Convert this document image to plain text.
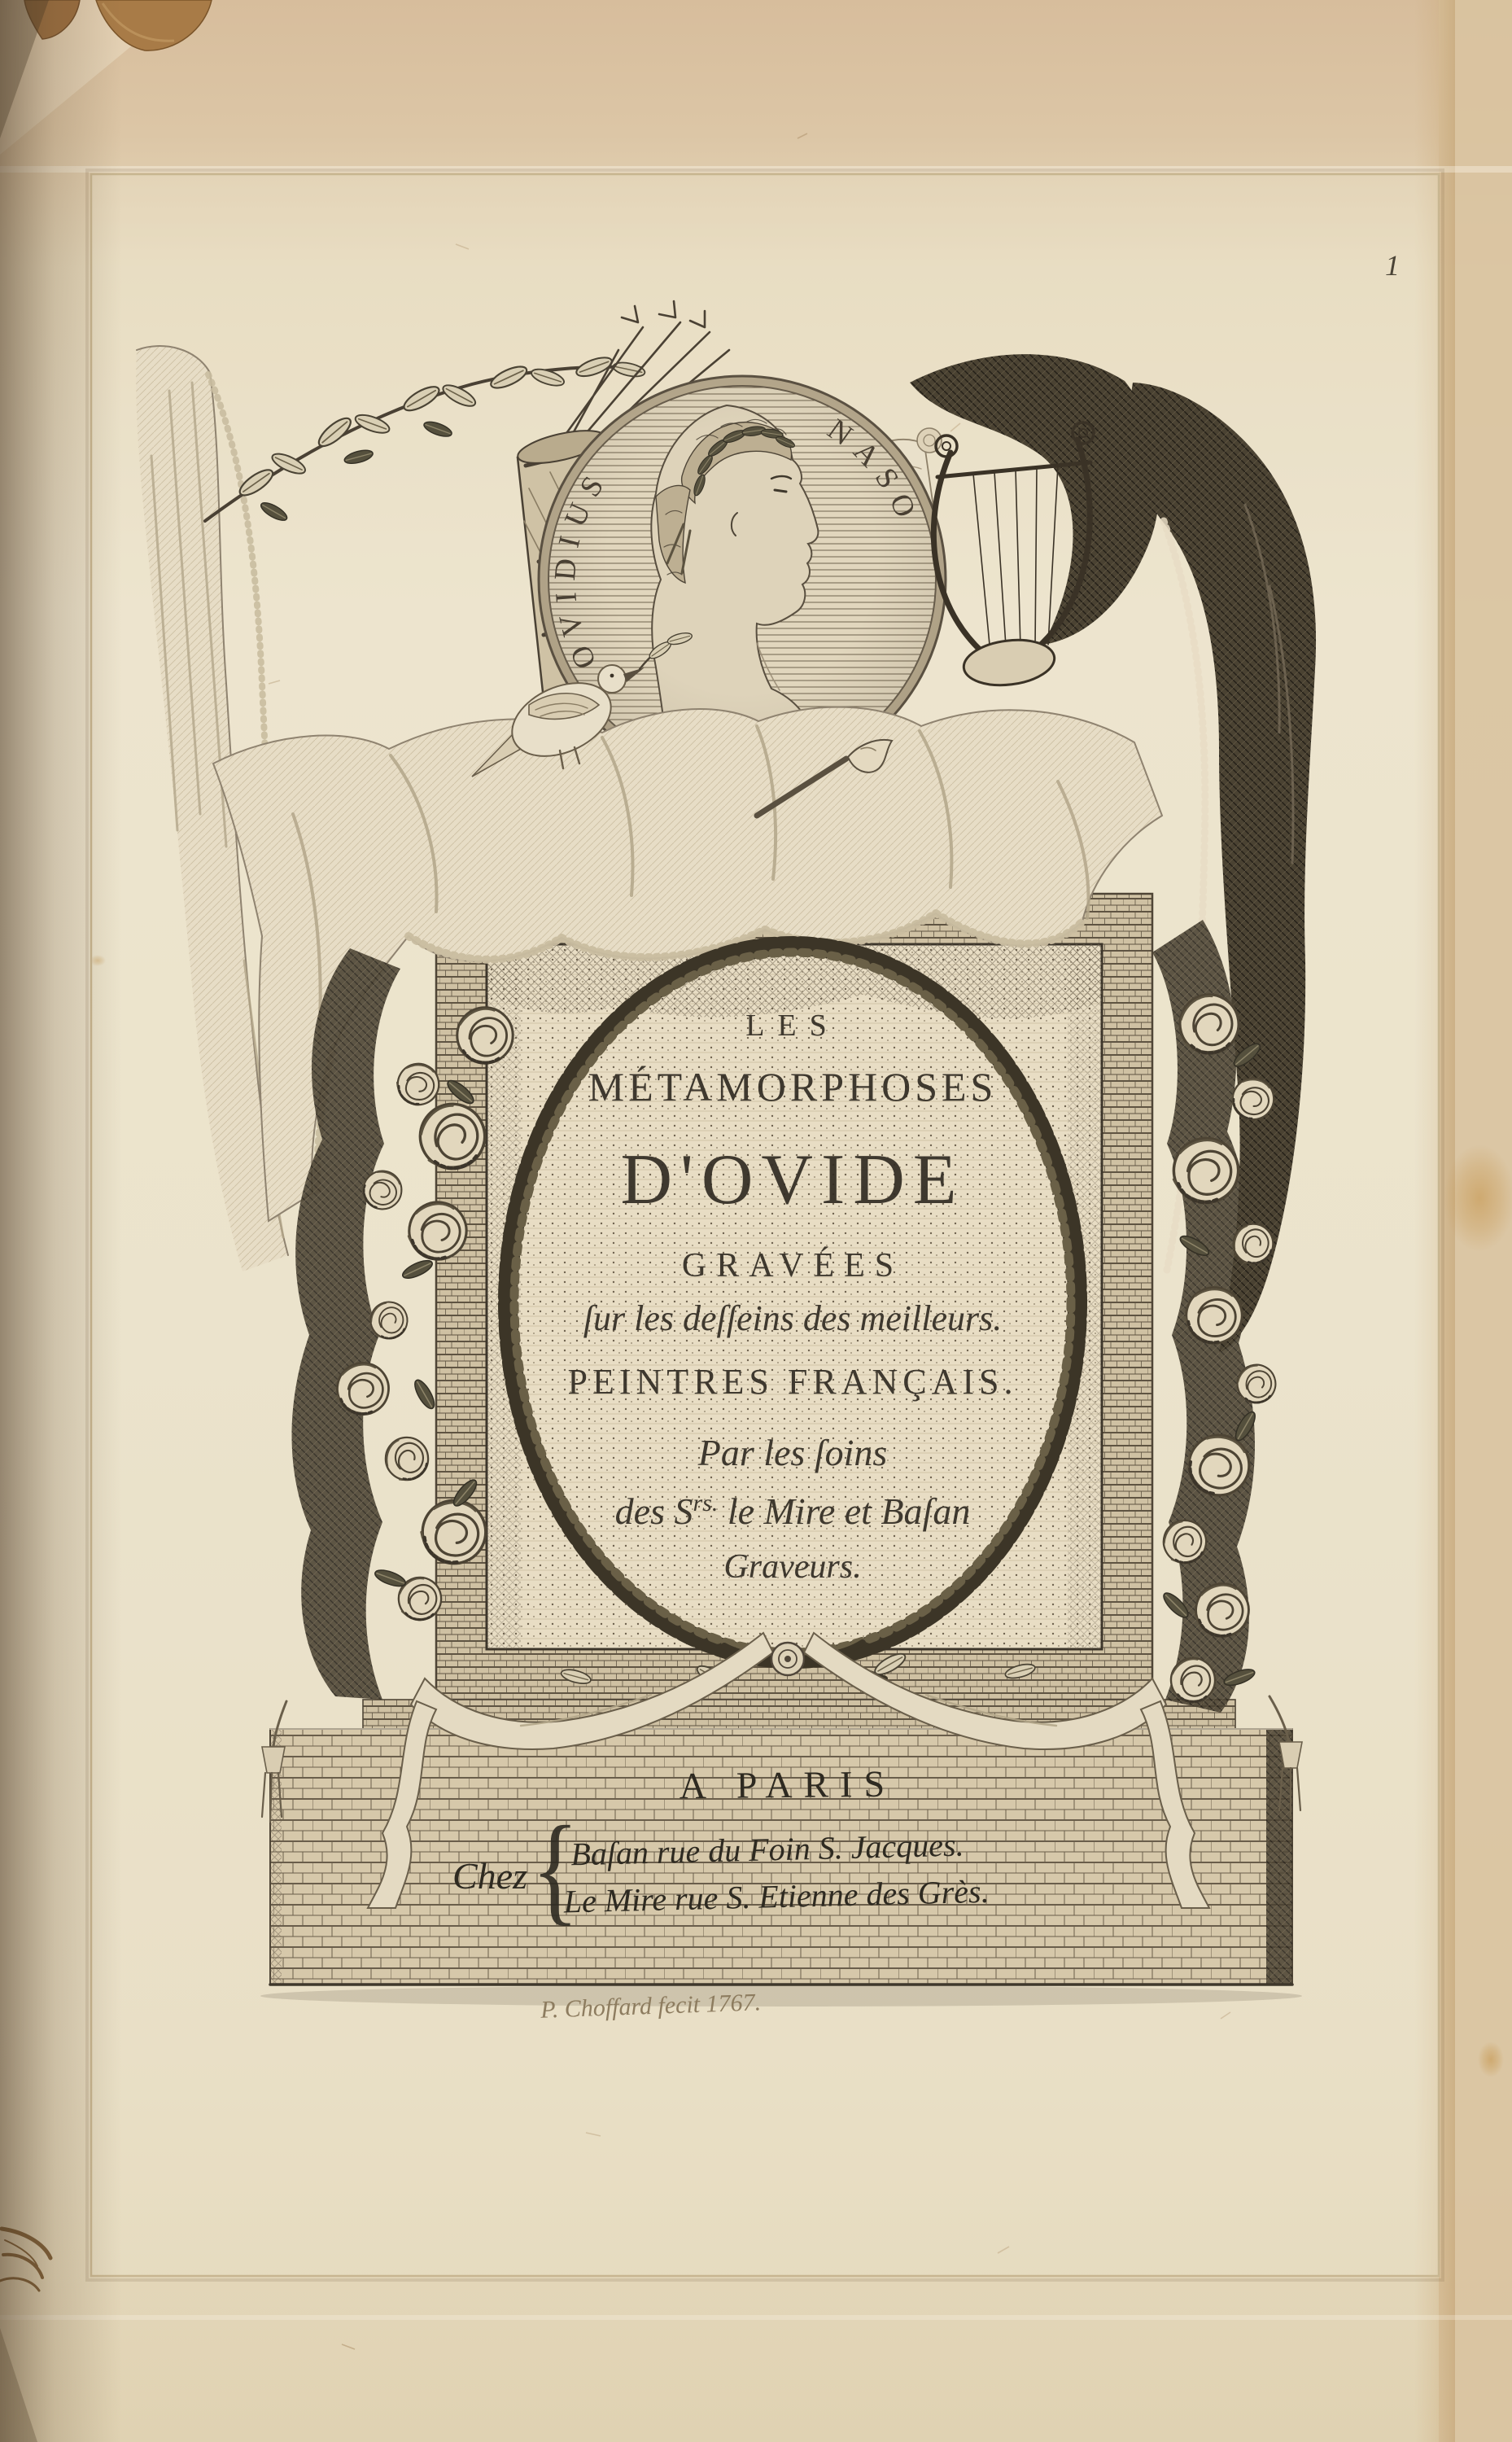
LES
MÉTAMORPHOSES
D'OVIDE
GRAVÉES
ſur les deſſeins des meilleurs.
PEINTRES FRANÇAIS.
Par les ſoins
des $S^{rs.}$ le Mire et Baſan
Graveurs.
A PARIS
Chez {
Baſan rue du Foin S. Jacques.
Le Mire rue S. Etienne des Grès.
P. Choffard fecit 1767.
1
